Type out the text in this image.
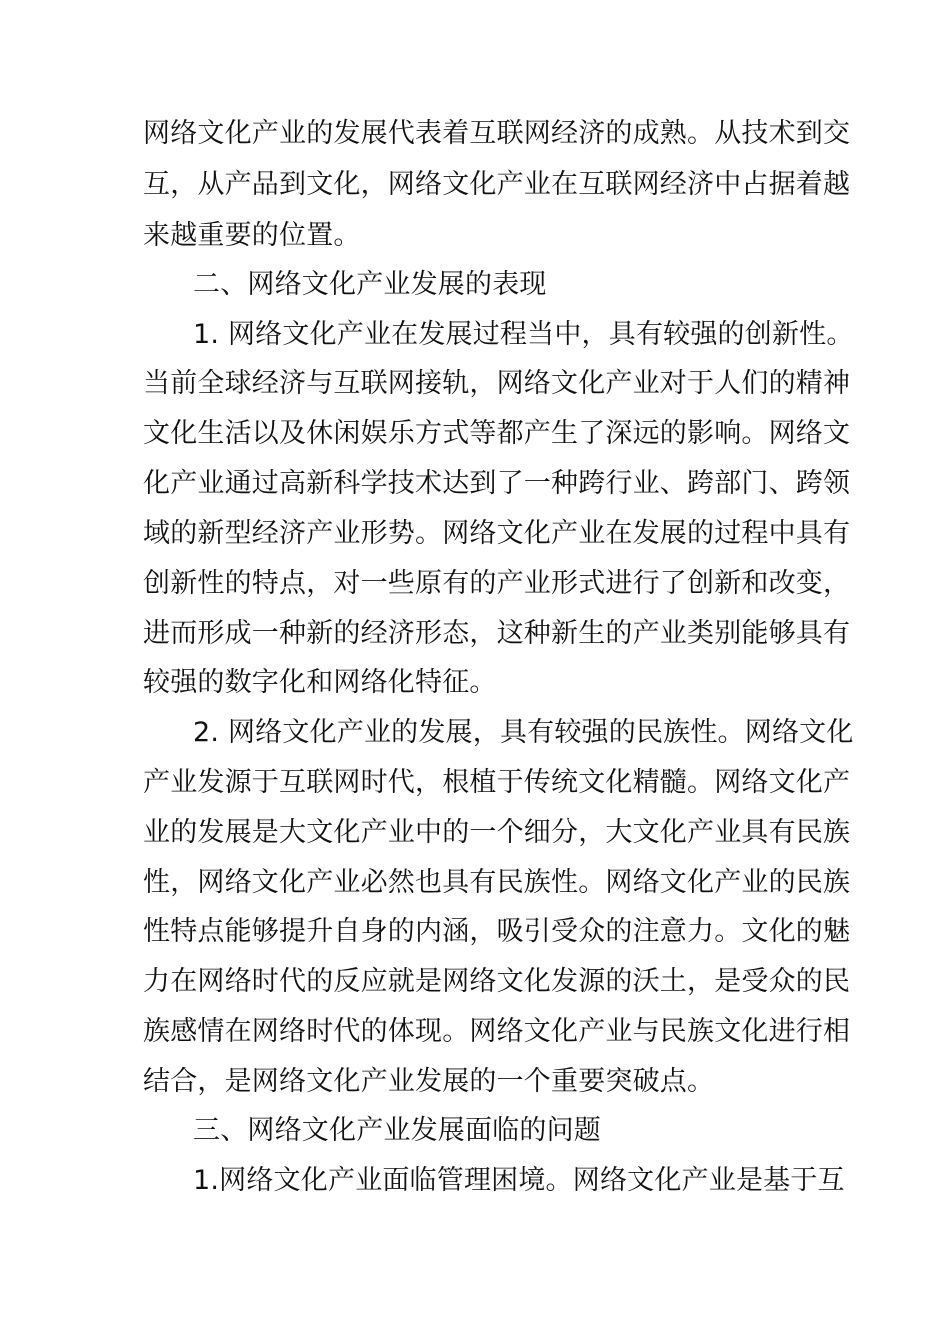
网络文化产业的发展代表着互联网经济的成熟。从技术到交
互，从产品到文化，网络文化产业在互联网经济中占据着越
来越重要的位置。
二、网络文化产业发展的表现
1. 网络文化产业在发展过程当中，具有较强的创新性。
当前全球经济与互联网接轨，网络文化产业对于人们的精神
文化生活以及休闲娱乐方式等都产生了深远的影响。网络文
化产业通过高新科学技术达到了一种跨行业、跨部门、跨领
域的新型经济产业形势。网络文化产业在发展的过程中具有
创新性的特点，对一些原有的产业形式进行了创新和改变，
进而形成一种新的经济形态，这种新生的产业类别能够具有
较强的数字化和网络化特征。
2. 网络文化产业的发展，具有较强的民族性。网络文化
产业发源于互联网时代，根植于传统文化精髓。网络文化产
业的发展是大文化产业中的一个细分，大文化产业具有民族
性，网络文化产业必然也具有民族性。网络文化产业的民族
性特点能够提升自身的内涵，吸引受众的注意力。文化的魅
力在网络时代的反应就是网络文化发源的沃土，是受众的民
族感情在网络时代的体现。网络文化产业与民族文化进行相
结合，是网络文化产业发展的一个重要突破点。
三、网络文化产业发展面临的问题
1.网络文化产业面临管理困境。网络文化产业是基于互
